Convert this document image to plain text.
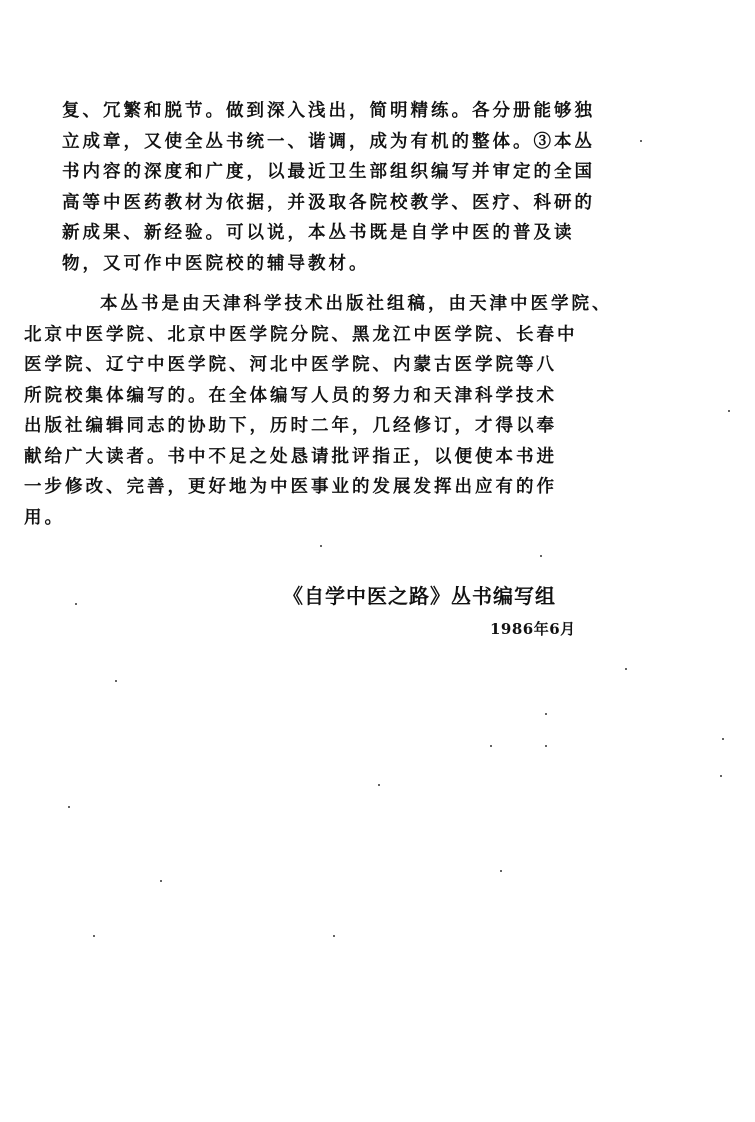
复、冗繁和脱节。做到深入浅出，简明精练。各分册能够独
立成章，又使全丛书统一、谐调，成为有机的整体。③本丛
书内容的深度和广度，以最近卫生部组织编写并审定的全国
高等中医药教材为依据，并汲取各院校教学、医疗、科研的
新成果、新经验。可以说，本丛书既是自学中医的普及读
物，又可作中医院校的辅导教材。
本丛书是由天津科学技术出版社组稿，由天津中医学院、
北京中医学院、北京中医学院分院、黑龙江中医学院、长春中
医学院、辽宁中医学院、河北中医学院、内蒙古医学院等八
所院校集体编写的。在全体编写人员的努力和天津科学技术
出版社编辑同志的协助下，历时二年，几经修订，才得以奉
献给广大读者。书中不足之处恳请批评指正，以便使本书进
一步修改、完善，更好地为中医事业的发展发挥出应有的作
用。
《自学中医之路》丛书编写组
1986年6月
